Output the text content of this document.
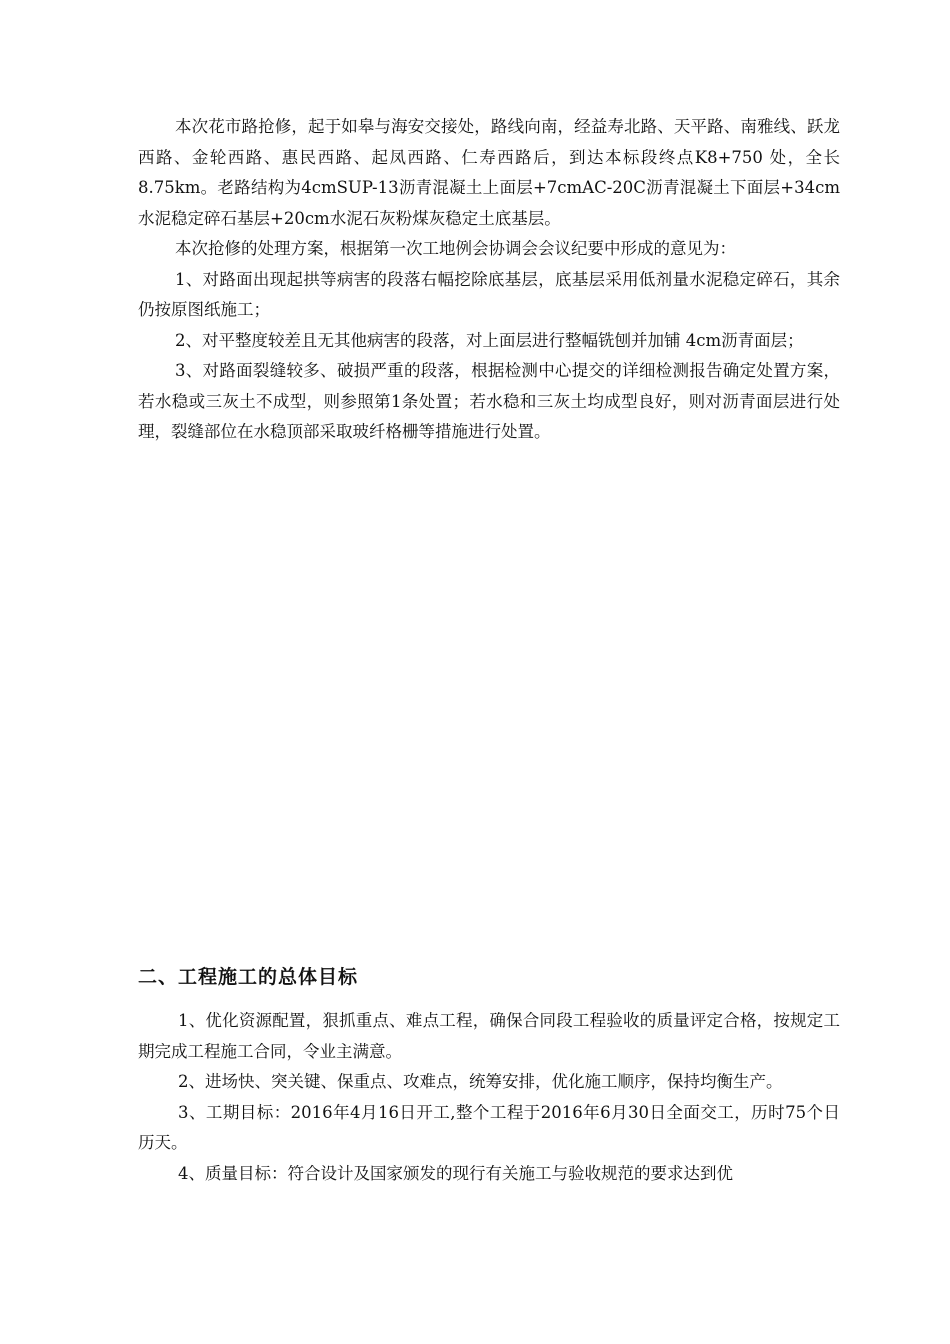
本次花市路抢修，起于如皋与海安交接处，路线向南，经益寿北路、天平路、南雅线、跃龙西路、金轮西路、惠民西路、起凤西路、仁寿西路后，到达本标段终点K8+750 处，全长8.75km。老路结构为4cmSUP-13沥青混凝土上面层+7cmAC-20C沥青混凝土下面层+34cm水泥稳定碎石基层+20cm水泥石灰粉煤灰稳定土底基层。

本次抢修的处理方案，根据第一次工地例会协调会会议纪要中形成的意见为：

1、对路面出现起拱等病害的段落右幅挖除底基层，底基层采用低剂量水泥稳定碎石，其余仍按原图纸施工；

2、对平整度较差且无其他病害的段落，对上面层进行整幅铣刨并加铺 4cm沥青面层；

3、对路面裂缝较多、破损严重的段落，根据检测中心提交的详细检测报告确定处置方案，若水稳或三灰土不成型，则参照第1条处置；若水稳和三灰土均成型良好，则对沥青面层进行处理，裂缝部位在水稳顶部采取玻纤格栅等措施进行处置。

二、工程施工的总体目标

1、优化资源配置，狠抓重点、难点工程，确保合同段工程验收的质量评定合格，按规定工期完成工程施工合同，令业主满意。

2、进场快、突关键、保重点、攻难点，统筹安排，优化施工顺序，保持均衡生产。

3、工期目标：2016年4月16日开工,整个工程于2016年6月30日全面交工，历时75个日历天。

4、质量目标：符合设计及国家颁发的现行有关施工与验收规范的要求达到优
